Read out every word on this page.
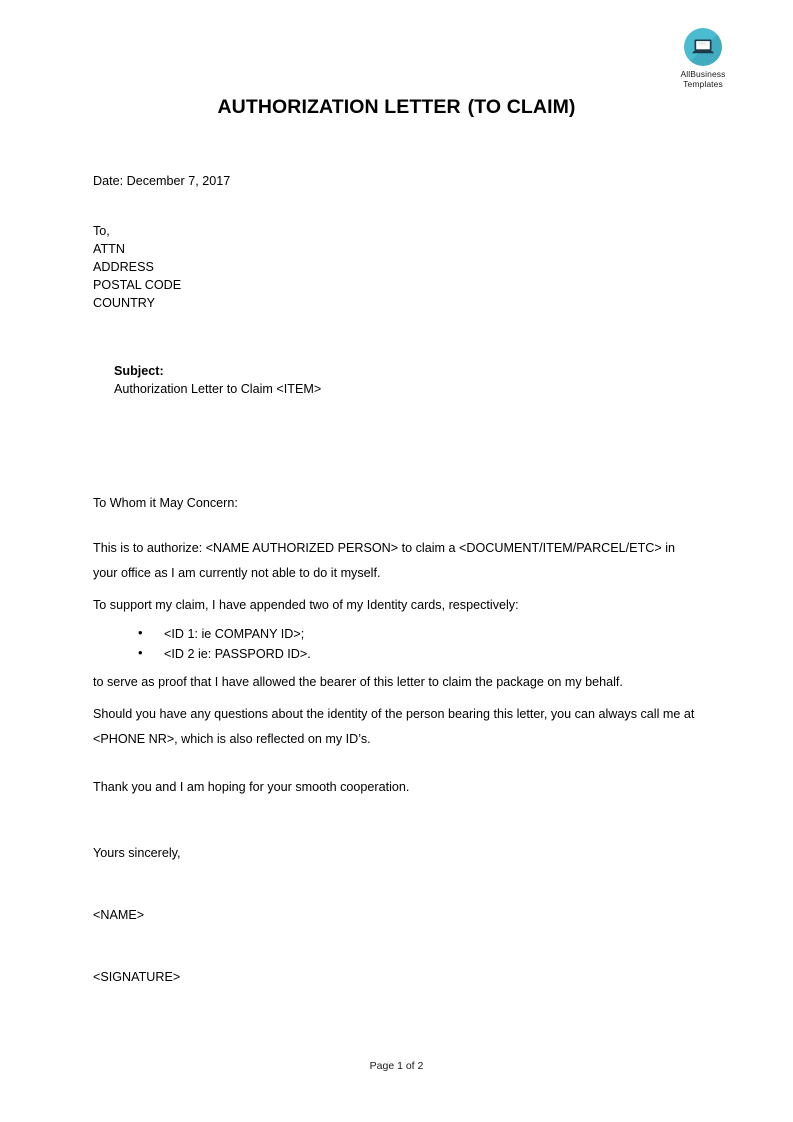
AllBusiness
Templates
AUTHORIZATION LETTER (TO CLAIM)
Date: December 7, 2017
To,
ATTN
ADDRESS
POSTAL CODE
COUNTRY

Subject:
Authorization Letter to Claim <ITEM>

To Whom it May Concern:

This is to authorize: <NAME AUTHORIZED PERSON> to claim a <DOCUMENT/ITEM/PARCEL/ETC> in your office as I am currently not able to do it myself.

To support my claim, I have appended two of my Identity cards, respectively:

• <ID 1: ie COMPANY ID>;
• <ID 2 ie: PASSPORD ID>.

to serve as proof that I have allowed the bearer of this letter to claim the package on my behalf.

Should you have any questions about the identity of the person bearing this letter, you can always call me at <PHONE NR>, which is also reflected on my ID’s.

Thank you and I am hoping for your smooth cooperation.

Yours sincerely,
<NAME>
<SIGNATURE>
Page 1 of 2
